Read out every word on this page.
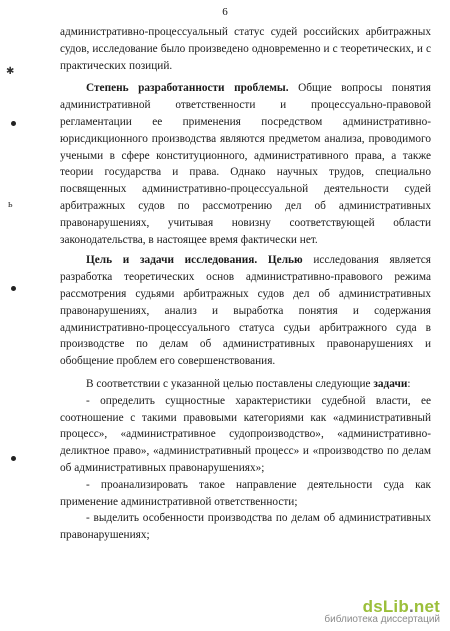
6
✱
ь

административно-процессуальный статус судей российских арбитражных судов, исследование было произведено одновременно и с теоретических, и с практических позиций.

Степень разработанности проблемы. Общие вопросы понятия административной ответственности и процессуально-правовой регламентации ее применения посредством административно-юрисдикционного производства являются предметом анализа, проводимого учеными в сфере конституционного, административного права, а также теории государства и права. Однако научных трудов, специально посвященных административно-процессуальной деятельности судей арбитражных судов по рассмотрению дел об административных правонарушениях, учитывая новизну соответствующей области законодательства, в настоящее время фактически нет.

Цель и задачи исследования. Целью исследования является разработка теоретических основ административно-правового режима рассмотрения судьями арбитражных судов дел об административных правонарушениях, анализ и выработка понятия и содержания административно-процессуального статуса судьи арбитражного суда в производстве по делам об административных правонарушениях и обобщение проблем его совершенствования.

В соответствии с указанной целью поставлены следующие задачи:

- определить сущностные характеристики судебной власти, ее соотношение с такими правовыми категориями как «административный процесс», «административное судопроизводство», «административно-деликтное право», «административный процесс» и «производство по делам об административных правонарушениях»;

- проанализировать такое направление деятельности суда как применение административной ответственности;

- выделить особенности производства по делам об административных правонарушениях;

dsLib.net
библиотека диссертаций
